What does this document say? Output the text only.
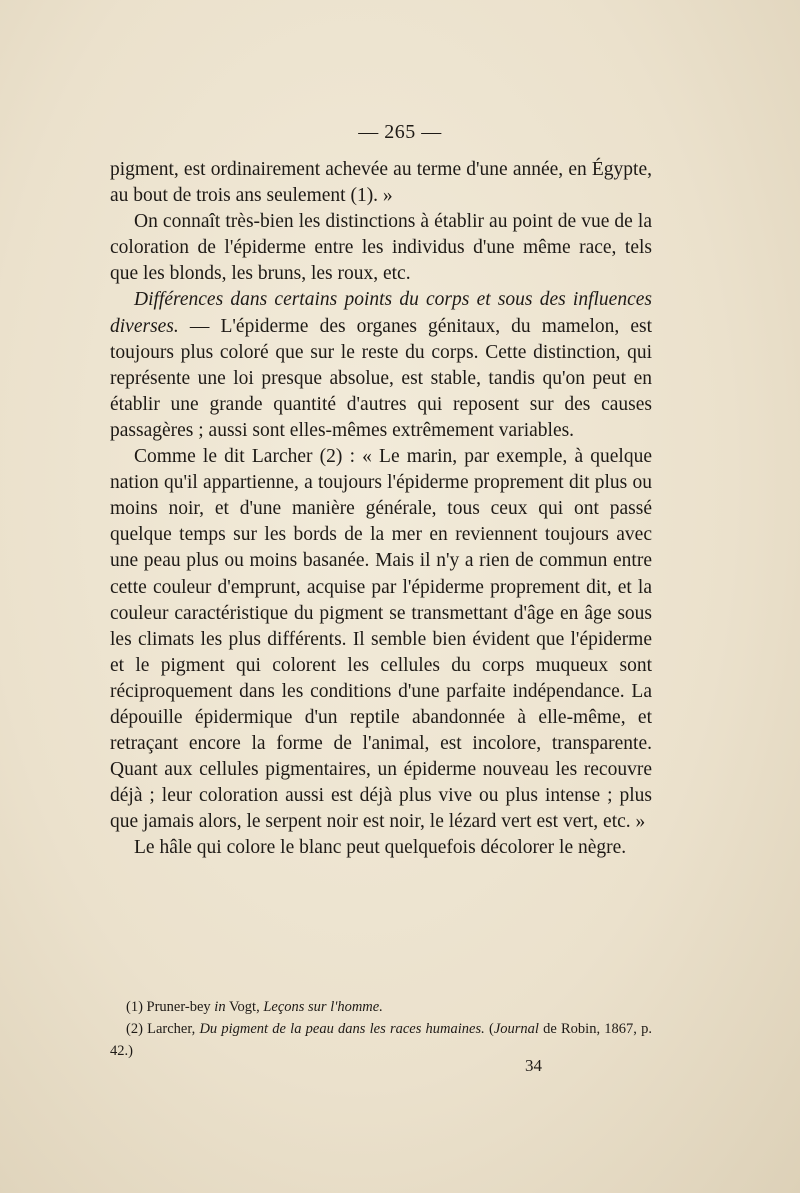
— 265 —

pigment, est ordinairement achevée au terme d'une année, en Égypte, au bout de trois ans seulement (1). »

On connaît très-bien les distinctions à établir au point de vue de la coloration de l'épiderme entre les individus d'une même race, tels que les blonds, les bruns, les roux, etc.

Différences dans certains points du corps et sous des influences diverses. — L'épiderme des organes génitaux, du mamelon, est toujours plus coloré que sur le reste du corps. Cette distinction, qui représente une loi presque absolue, est stable, tandis qu'on peut en établir une grande quantité d'autres qui reposent sur des causes passagères ; aussi sont elles-mêmes extrêmement variables.

Comme le dit Larcher (2) : « Le marin, par exemple, à quelque nation qu'il appartienne, a toujours l'épiderme proprement dit plus ou moins noir, et d'une manière générale, tous ceux qui ont passé quelque temps sur les bords de la mer en reviennent toujours avec une peau plus ou moins basanée. Mais il n'y a rien de commun entre cette couleur d'emprunt, acquise par l'épiderme proprement dit, et la couleur caractéristique du pigment se transmettant d'âge en âge sous les climats les plus différents. Il semble bien évident que l'épiderme et le pigment qui colorent les cellules du corps muqueux sont réciproquement dans les conditions d'une parfaite indépendance. La dépouille épidermique d'un reptile abandonnée à elle-même, et retraçant encore la forme de l'animal, est incolore, transparente. Quant aux cellules pigmentaires, un épiderme nouveau les recouvre déjà ; leur coloration aussi est déjà plus vive ou plus intense ; plus que jamais alors, le serpent noir est noir, le lézard vert est vert, etc. »

Le hâle qui colore le blanc peut quelquefois décolorer le nègre.

(1) Pruner-bey in Vogt, Leçons sur l'homme.

(2) Larcher, Du pigment de la peau dans les races humaines. (Journal de Robin, 1867, p. 42.)

34
